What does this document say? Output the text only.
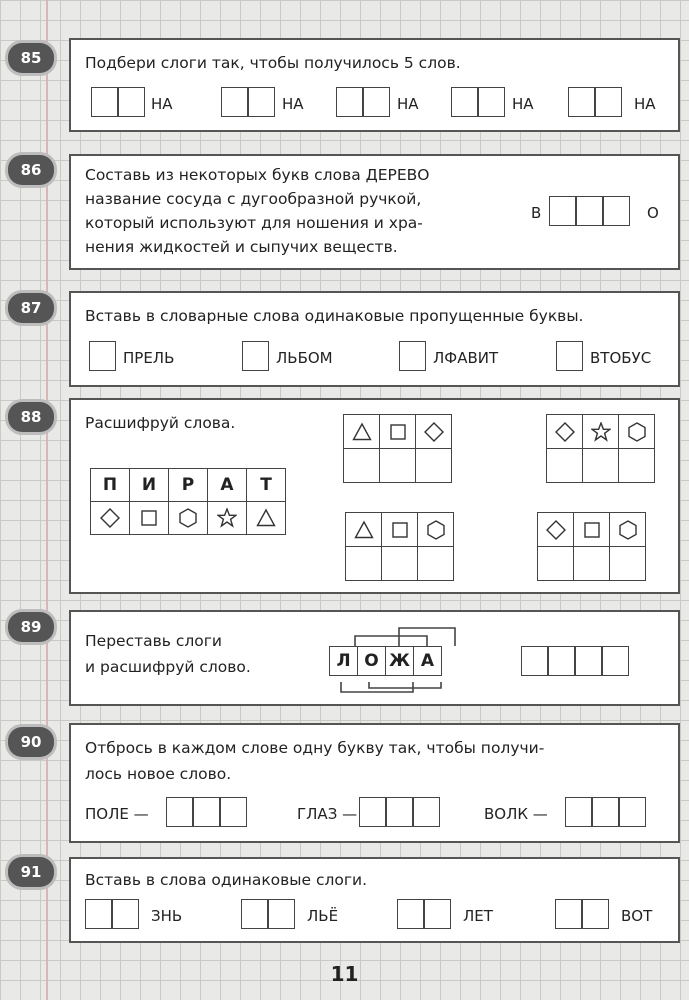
85	Подбери слоги так, чтобы получилось 5 слов.
НА	НА	НА	НА	НА
86	Составь из некоторых букв слова ДЕРЕВО
название сосуда с дугообразной ручкой,
который используют для ношения и хра-
нения жидкостей и сыпучих веществ.
В	О
87	Вставь в словарные слова одинаковые пропущенные буквы.
ПРЕЛЬ	ЛЬБОМ	ЛФАВИТ	ВТОБУС
88	Расшифруй слова.
П	И	Р	А	Т
89
Переставь слоги
и расшифруй слово.	Л О Ж А
90	Отбрось в каждом слове одну букву так, чтобы получи-
лось новое слово.
ПОЛЕ —	ГЛАЗ —	ВОЛК —
91	Вставь в слова одинаковые слоги.
ЗНЬ	ЛЬЁ	ЛЕТ	ВОТ
11
